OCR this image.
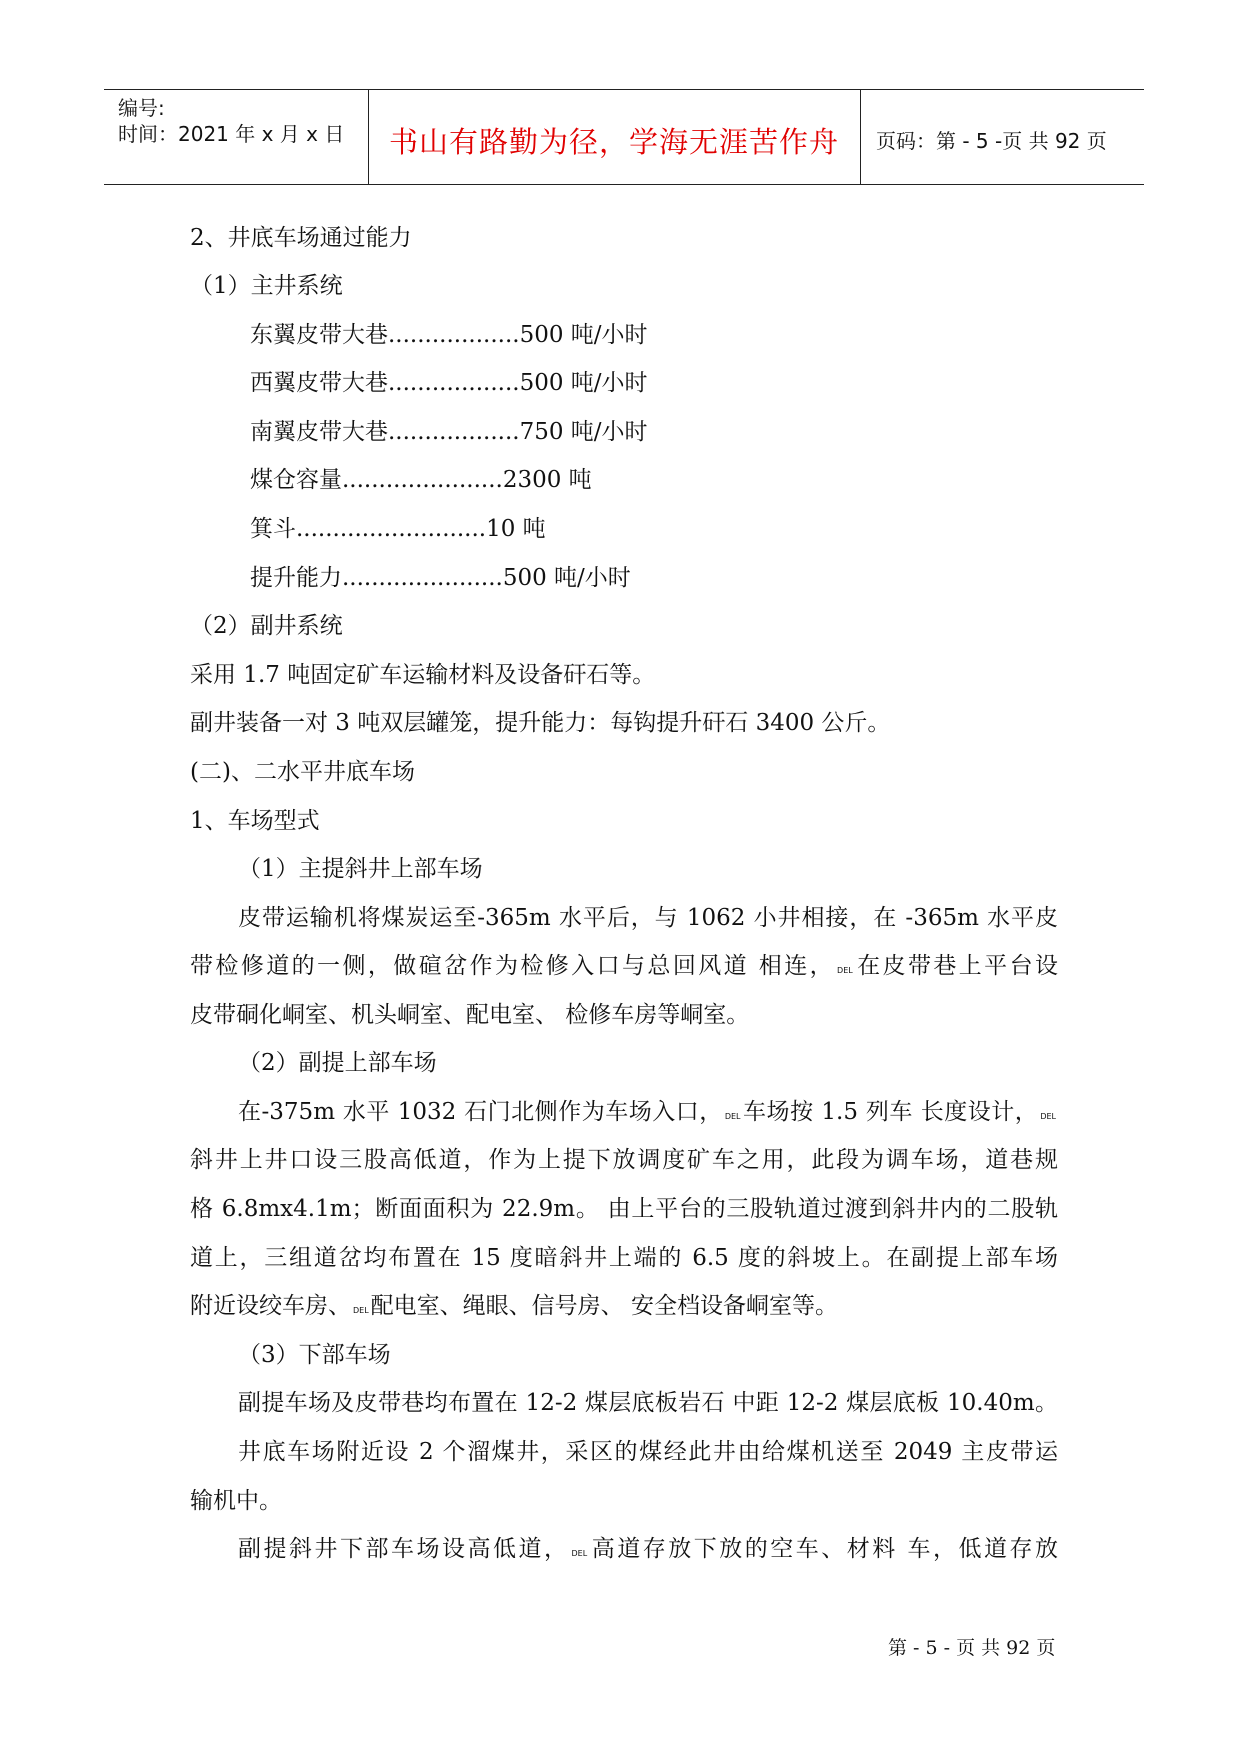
编号:
时间：2021 年 x 月 x 日	书山有路勤为径，学海无涯苦作舟	页码：第 - 5 -页 共 92 页
2、井底车场通过能力
（1）主井系统
东翼皮带大巷..................500 吨/小时
西翼皮带大巷..................500 吨/小时
南翼皮带大巷..................750 吨/小时
煤仓容量......................2300 吨
箕斗..........................10 吨
提升能力......................500 吨/小时
（2）副井系统
采用 1.7 吨固定矿车运输材料及设备矸石等。
副井装备一对 3 吨双层罐笼，提升能力：每钩提升矸石 3400 公斤。
(二)、二水平井底车场
1、车场型式
（1）主提斜井上部车场
皮带运输机将煤炭运至-365m 水平后，与 1062 小井相接，在 -365m 水平皮
带检修道的一侧，做碹岔作为检修入口与总回风道 相连， DEL在皮带巷上平台设
皮带硐化峒室、机头峒室、配电室、 检修车房等峒室。
（2）副提上部车场
在-375m 水平 1032 石门北侧作为车场入口， DEL车场按 1.5 列车 长度设计， DEL
斜井上井口设三股高低道，作为上提下放调度矿车之用，此段为调车场，道巷规
格 6.8mx4.1m；断面面积为 22.9m。 由上平台的三股轨道过渡到斜井内的二股轨
道上，三组道岔均布置在 15 度暗斜井上端的 6.5 度的斜坡上。在副提上部车场
附近设绞车房、 DEL配电室、绳眼、信号房、 安全档设备峒室等。
（3）下部车场
副提车场及皮带巷均布置在 12-2 煤层底板岩石 中距 12-2 煤层底板 10.40m。
井底车场附近设 2 个溜煤井，采区的煤经此井由给煤机送至 2049 主皮带运
输机中。
副提斜井下部车场设高低道， DEL高道存放下放的空车、材料 车，低道存放
第 - 5 - 页 共 92 页
